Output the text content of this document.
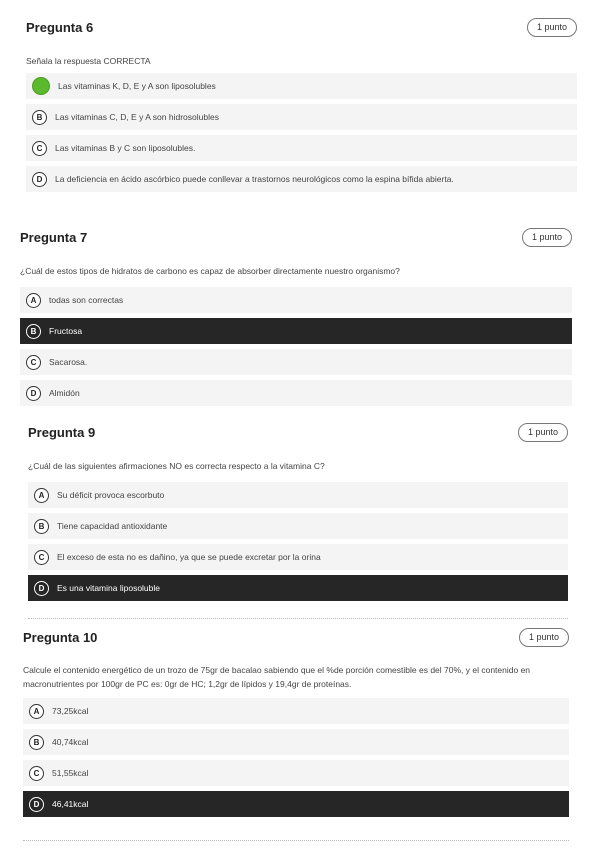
Pregunta 6	1 punto
Señala la respuesta CORRECTA
Las vitaminas K, D, E y A son liposolubles
B	Las vitaminas C, D, E y A son hidrosolubles
C	Las vitaminas B y C son liposolubles.
D	La deficiencia en ácido ascórbico puede conllevar a trastornos neurológicos como la espina bífida abierta.
Pregunta 7	1 punto
¿Cuál de estos tipos de hidratos de carbono es capaz de absorber directamente nuestro organismo?
A	todas son correctas
B	Fructosa
C	Sacarosa.
D	Almidón
Pregunta 9	1 punto
¿Cuál de las siguientes afirmaciones NO es correcta respecto a la vitamina C?
A	Su déficit provoca escorbuto
B	Tiene capacidad antioxidante
C	El exceso de esta no es dañino, ya que se puede excretar por la orina
D	Es una vitamina liposoluble
Pregunta 10	1 punto
Calcule el contenido energético de un trozo de 75gr de bacalao sabiendo que el %de porción comestible es del 70%, y el contenido en macronutrientes por 100gr de PC es: 0gr de HC; 1,2gr de lípidos y 19,4gr de proteínas.
A	73,25kcal
B	40,74kcal
C	51,55kcal
D	46,41kcal
